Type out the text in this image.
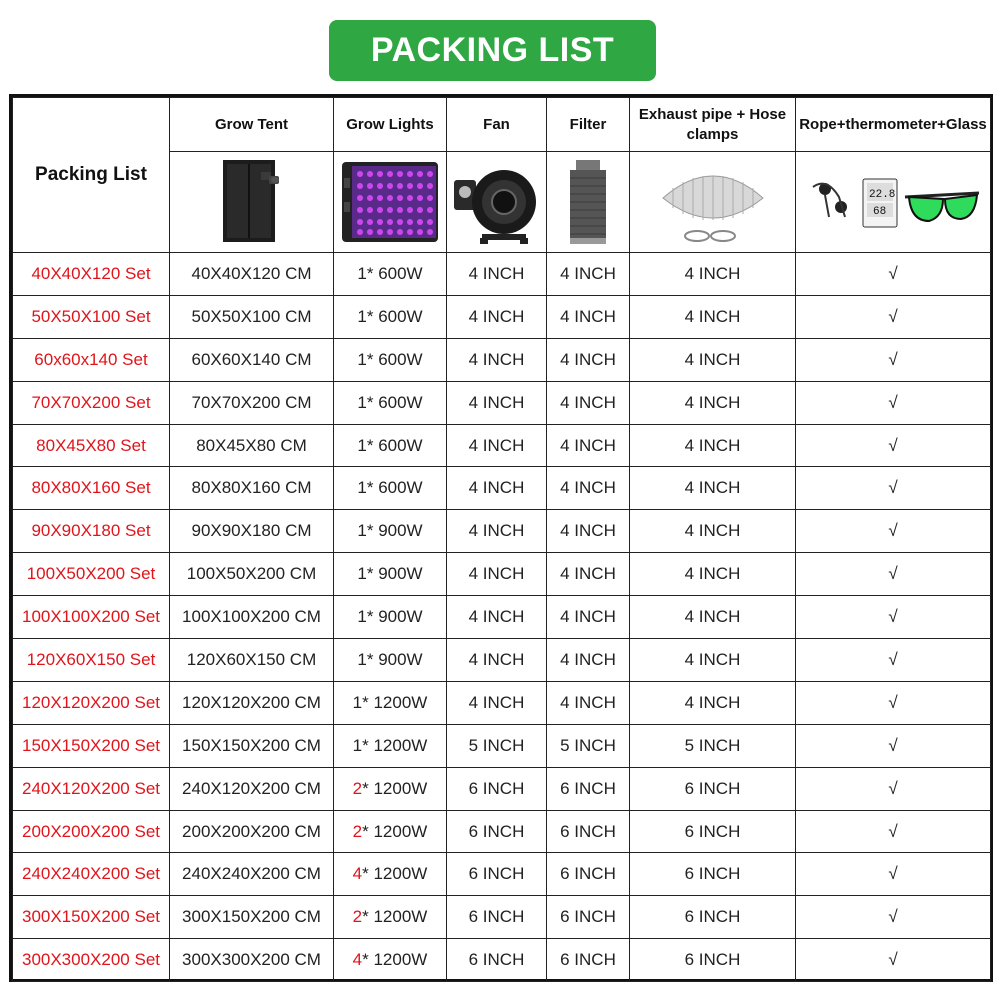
PACKING LIST
Packing List	Grow Tent	Grow Lights	Fan	Filter	Exhaust pipe + Hose clamps	Rope+thermometer+Glass

22.8
68

40X40X120 Set	40X40X120 CM	1* 600W	4 INCH	4 INCH	4 INCH	√
50X50X100 Set	50X50X100 CM	1* 600W	4 INCH	4 INCH	4 INCH	√
60x60x140 Set	60X60X140 CM	1* 600W	4 INCH	4 INCH	4 INCH	√
70X70X200 Set	70X70X200 CM	1* 600W	4 INCH	4 INCH	4 INCH	√
80X45X80 Set	80X45X80 CM	1* 600W	4 INCH	4 INCH	4 INCH	√
80X80X160 Set	80X80X160 CM	1* 600W	4 INCH	4 INCH	4 INCH	√
90X90X180 Set	90X90X180 CM	1* 900W	4 INCH	4 INCH	4 INCH	√
100X50X200 Set	100X50X200 CM	1* 900W	4 INCH	4 INCH	4 INCH	√
100X100X200 Set	100X100X200 CM	1* 900W	4 INCH	4 INCH	4 INCH	√
120X60X150 Set	120X60X150 CM	1* 900W	4 INCH	4 INCH	4 INCH	√
120X120X200 Set	120X120X200 CM	1* 1200W	4 INCH	4 INCH	4 INCH	√
150X150X200 Set	150X150X200 CM	1* 1200W	5 INCH	5 INCH	5 INCH	√
240X120X200 Set	240X120X200 CM	2* 1200W	6 INCH	6 INCH	6 INCH	√
200X200X200 Set	200X200X200 CM	2* 1200W	6 INCH	6 INCH	6 INCH	√
240X240X200 Set	240X240X200 CM	4* 1200W	6 INCH	6 INCH	6 INCH	√
300X150X200 Set	300X150X200 CM	2* 1200W	6 INCH	6 INCH	6 INCH	√
300X300X200 Set	300X300X200 CM	4* 1200W	6 INCH	6 INCH	6 INCH	√
